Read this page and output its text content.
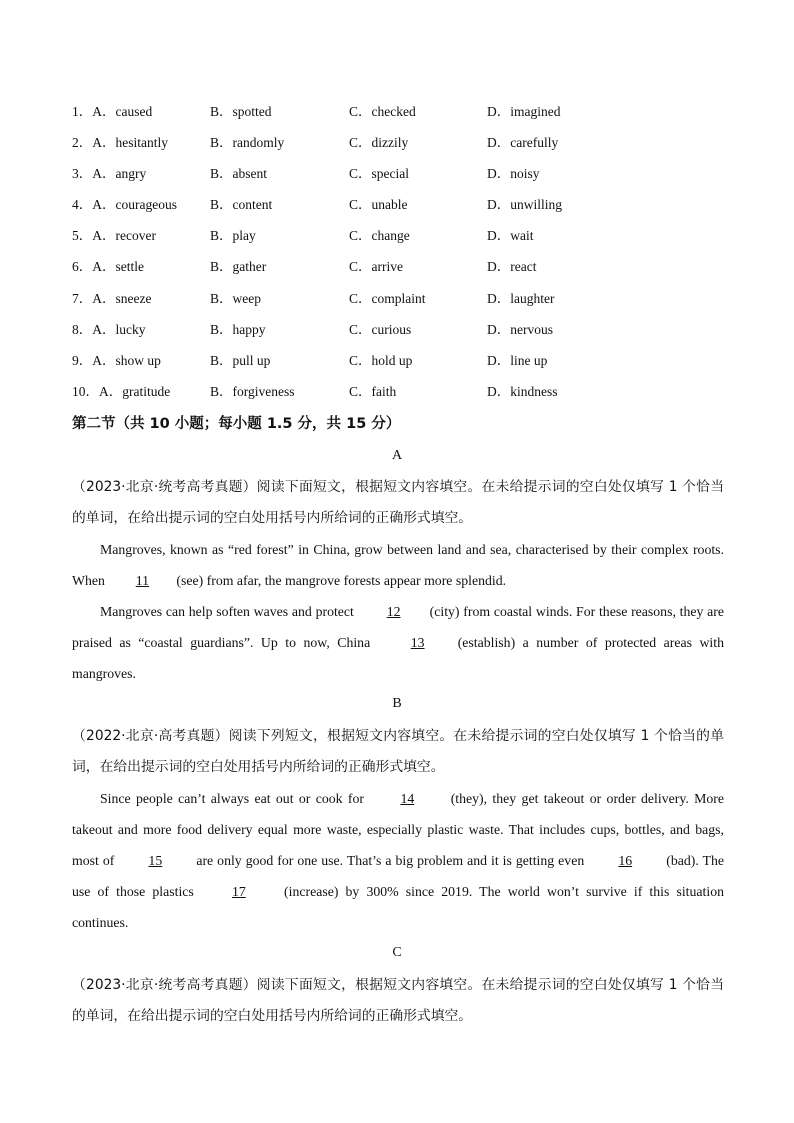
1．A．caused	B．spotted	C．checked	D．imagined
2．A．hesitantly	B．randomly	C．dizzily	D．carefully
3．A．angry	B．absent	C．special	D．noisy
4．A．courageous B．content	C．unable	D．unwilling
5．A．recover	B．play	C．change	D．wait
6．A．settle	B．gather	C．arrive	D．react
7．A．sneeze	B．weep	C．complaint	D．laughter
8．A．lucky	B．happy	C．curious	D．nervous
9．A．show up	B．pull up	C．hold up	D．line up
10．A．gratitude	B．forgiveness	C．faith	D．kindness
第二节（共 10 小题；每小题 1.5 分，共 15 分）
A
（2023·北京·统考高考真题）阅读下面短文，根据短文内容填空。在未给提示词的空白处仅填写 1 个恰当的单词，在给出提示词的空白处用括号内所给词的正确形式填空。
Mangroves, known as “red forest” in China, grow between land and sea, characterised by their complex roots. When 11 (see) from afar, the mangrove forests appear more splendid.
Mangroves can help soften waves and protect 12 (city) from coastal winds. For these reasons, they are praised as “coastal guardians”. Up to now, China 13 (establish) a number of protected areas with mangroves.
B
（2022·北京·高考真题）阅读下列短文，根据短文内容填空。在未给提示词的空白处仅填写 1 个恰当的单词，在给出提示词的空白处用括号内所给词的正确形式填空。
Since people can’t always eat out or cook for 14 (they), they get takeout or order delivery. More takeout and more food delivery equal more waste, especially plastic waste. That includes cups, bottles, and bags, most of 15 are only good for one use. That’s a big problem and it is getting even 16 (bad). The use of those plastics 17 (increase) by 300% since 2019. The world won’t survive if this situation continues.
C
（2023·北京·统考高考真题）阅读下面短文，根据短文内容填空。在未给提示词的空白处仅填写 1 个恰当的单词，在给出提示词的空白处用括号内所给词的正确形式填空。
